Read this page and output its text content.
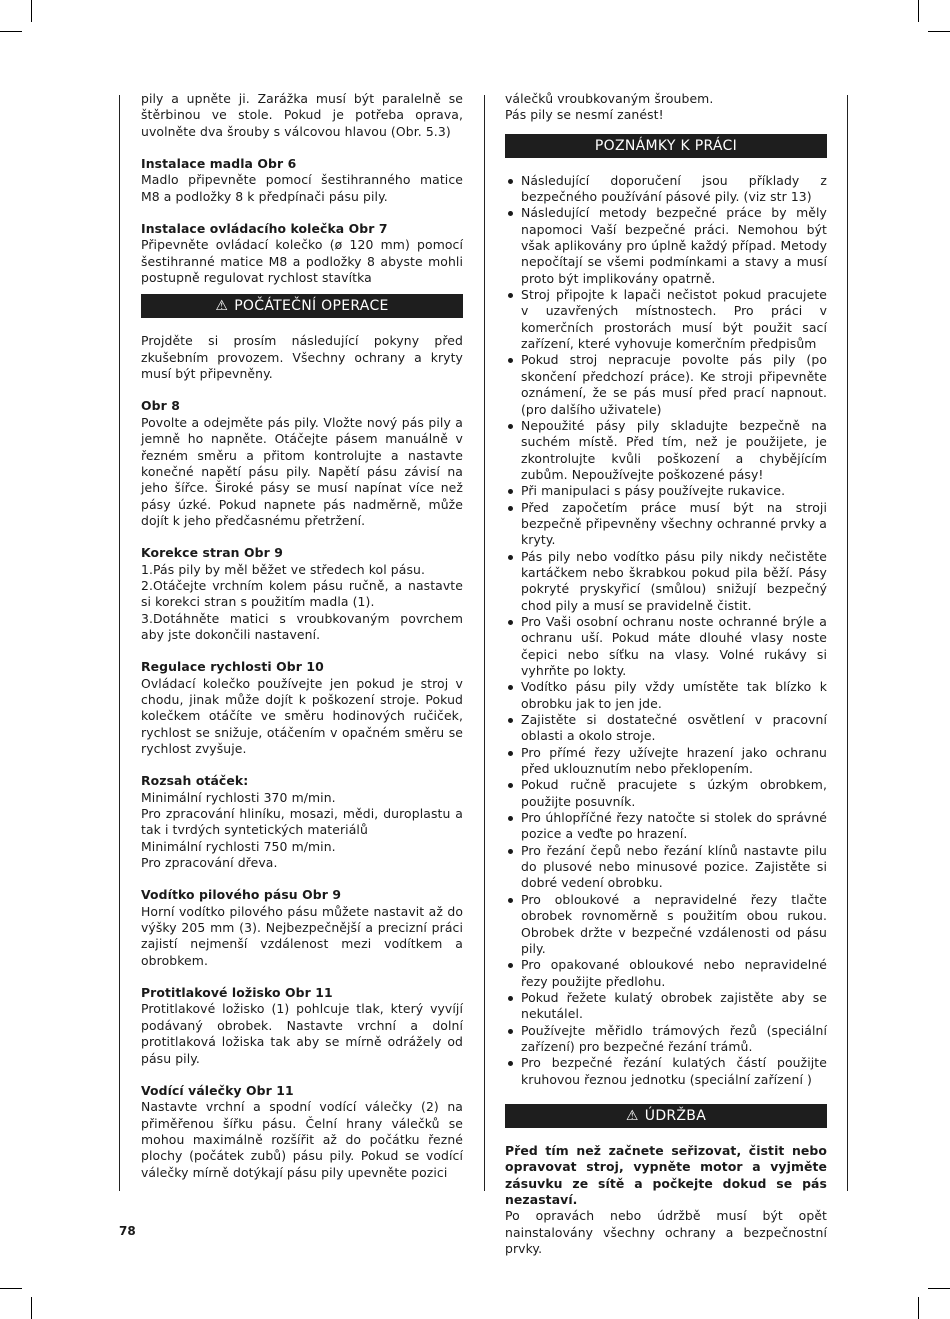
pily a upněte ji. Zarážka musí být paralelně se štěrbinou ve stole. Pokud je potřeba oprava, uvolněte dva šrouby s válcovou hlavou (Obr. 5.3)

Instalace madla Obr 6

Madlo připevněte pomocí šestihranného matice M8 a podložky 8 k předpínači pásu pily.

Instalace ovládacího kolečka Obr 7

Připevněte ovládací kolečko (ø 120 mm) pomocí šestihranné matice M8 a podložky 8 abyste mohli postupně regulovat rychlost stavítka

⚠ POČÁTEČNÍ OPERACE

Projděte si prosím následující pokyny před zkušebním provozem. Všechny ochrany a kryty musí být připevněny.

Obr 8

Povolte a odejměte pás pily. Vložte nový pás pily a jemně ho napněte. Otáčejte pásem manuálně v řezném směru a přitom kontrolujte a nastavte konečné napětí pásu pily. Napětí pásu závisí na jeho šířce. Široké pásy se musí napínat více než pásy úzké. Pokud napnete pás nadměrně, může dojít k jeho předčasnému přetržení.

Korekce stran Obr 9

1.Pás pily by měl běžet ve středech kol pásu.

2.Otáčejte vrchním kolem pásu ručně, a nastavte si korekci stran s použitím madla (1).

3.Dotáhněte matici s vroubkovaným povrchem aby jste dokončili nastavení.

Regulace rychlosti Obr 10

Ovládací kolečko používejte jen pokud je stroj v chodu, jinak může dojít k poškození stroje. Pokud kolečkem otáčíte ve směru hodinových ručiček, rychlost se snižuje, otáčením v opačném směru se rychlost zvyšuje.

Rozsah otáček:

Minimální rychlosti 370 m/min.

Pro zpracování hliníku, mosazi, mědi, duroplastu a tak i tvrdých syntetických materiálů

Minimální rychlosti 750 m/min.

Pro zpracování dřeva.

Vodítko pilového pásu Obr 9

Horní vodítko pilového pásu můžete nastavit až do výšky 205 mm (3). Nejbezpečnější a precizní práci zajistí nejmenší vzdálenost mezi vodítkem a obrobkem.

Protitlakové ložisko Obr 11

Protitlakové ložisko (1) pohlcuje tlak, který vyvíjí podávaný obrobek. Nastavte vrchní a dolní protitlaková ložiska tak aby se mírně odrážely od pásu pily.

Vodící válečky Obr 11

Nastavte vrchní a spodní vodící válečky (2) na přiměřenou šířku pásu. Čelní hrany válečků se mohou maximálně rozšířit až do počátku řezné plochy (počátek zubů) pásu pily. Pokud se vodící válečky mírně dotýkají pásu pily upevněte pozici

válečků vroubkovaným šroubem.

Pás pily se nesmí zanést!

POZNÁMKY K PRÁCI
Následující doporučení jsou příklady z bezpečného používání pásové pily. (viz str 13)
Následující metody bezpečné práce by měly napomoci Vaší bezpečné práci. Nemohou být však aplikovány pro úplně každý případ. Metody nepočítají se všemi podmínkami a stavy a musí proto být implikovány opatrně.
Stroj připojte k lapači nečistot pokud pracujete v uzavřených místnostech. Pro práci v komerčních prostorách musí být použit sací zařízení, které vyhovuje komerčním předpisům
Pokud stroj nepracuje povolte pás pily (po skončení předchozí práce). Ke stroji připevněte oznámení, že se pás musí před prací napnout.(pro dalšího uživatele)
Nepoužité pásy pily skladujte bezpečně na suchém místě. Před tím, než je použijete, je zkontrolujte kvůli poškození a chybějícím zubům. Nepoužívejte poškozené pásy!
Při manipulaci s pásy používejte rukavice.
Před započetím práce musí být na stroji bezpečně připevněny všechny ochranné prvky a kryty.
Pás pily nebo vodítko pásu pily nikdy nečistěte kartáčkem nebo škrabkou pokud pila běží. Pásy pokryté pryskyřicí (smůlou) snižují bezpečný chod pily a musí se pravidelně čistit.
Pro Vaši osobní ochranu noste ochranné brýle a ochranu uší. Pokud máte dlouhé vlasy noste čepici nebo síťku na vlasy. Volné rukávy si vyhrňte po lokty.
Vodítko pásu pily vždy umístěte tak blízko k obrobku jak to jen jde.
Zajistěte si dostatečné osvětlení v pracovní oblasti a okolo stroje.
Pro přímé řezy užívejte hrazení jako ochranu před uklouznutím nebo překlopením.
Pokud ručně pracujete s úzkým obrobkem, použijte posuvník.
Pro úhlopříčné řezy natočte si stolek do správné pozice a veďte po hrazení.
Pro řezání čepů nebo řezání klínů nastavte pilu do plusové nebo minusové pozice. Zajistěte si dobré vedení obrobku.
Pro obloukové a nepravidelné řezy tlačte obrobek rovnoměrně s použitím obou rukou. Obrobek držte v bezpečné vzdálenosti od pásu pily.
Pro opakované obloukové nebo nepravidelné řezy použijte předlohu.
Pokud řežete kulatý obrobek zajistěte aby se nekutálel.
Používejte měřidlo trámových řezů (speciální zařízení) pro bezpečné řezání trámů.
Pro bezpečné řezání kulatých částí použijte kruhovou řeznou jednotku (speciální zařízení )
⚠ ÚDRŽBA

Před tím než začnete seřizovat, čistit nebo opravovat stroj, vypněte motor a vyjměte zásuvku ze sítě a počkejte dokud se pás nezastaví.

Po opravách nebo údržbě musí být opět nainstalovány všechny ochrany a bezpečnostní prvky.

78
